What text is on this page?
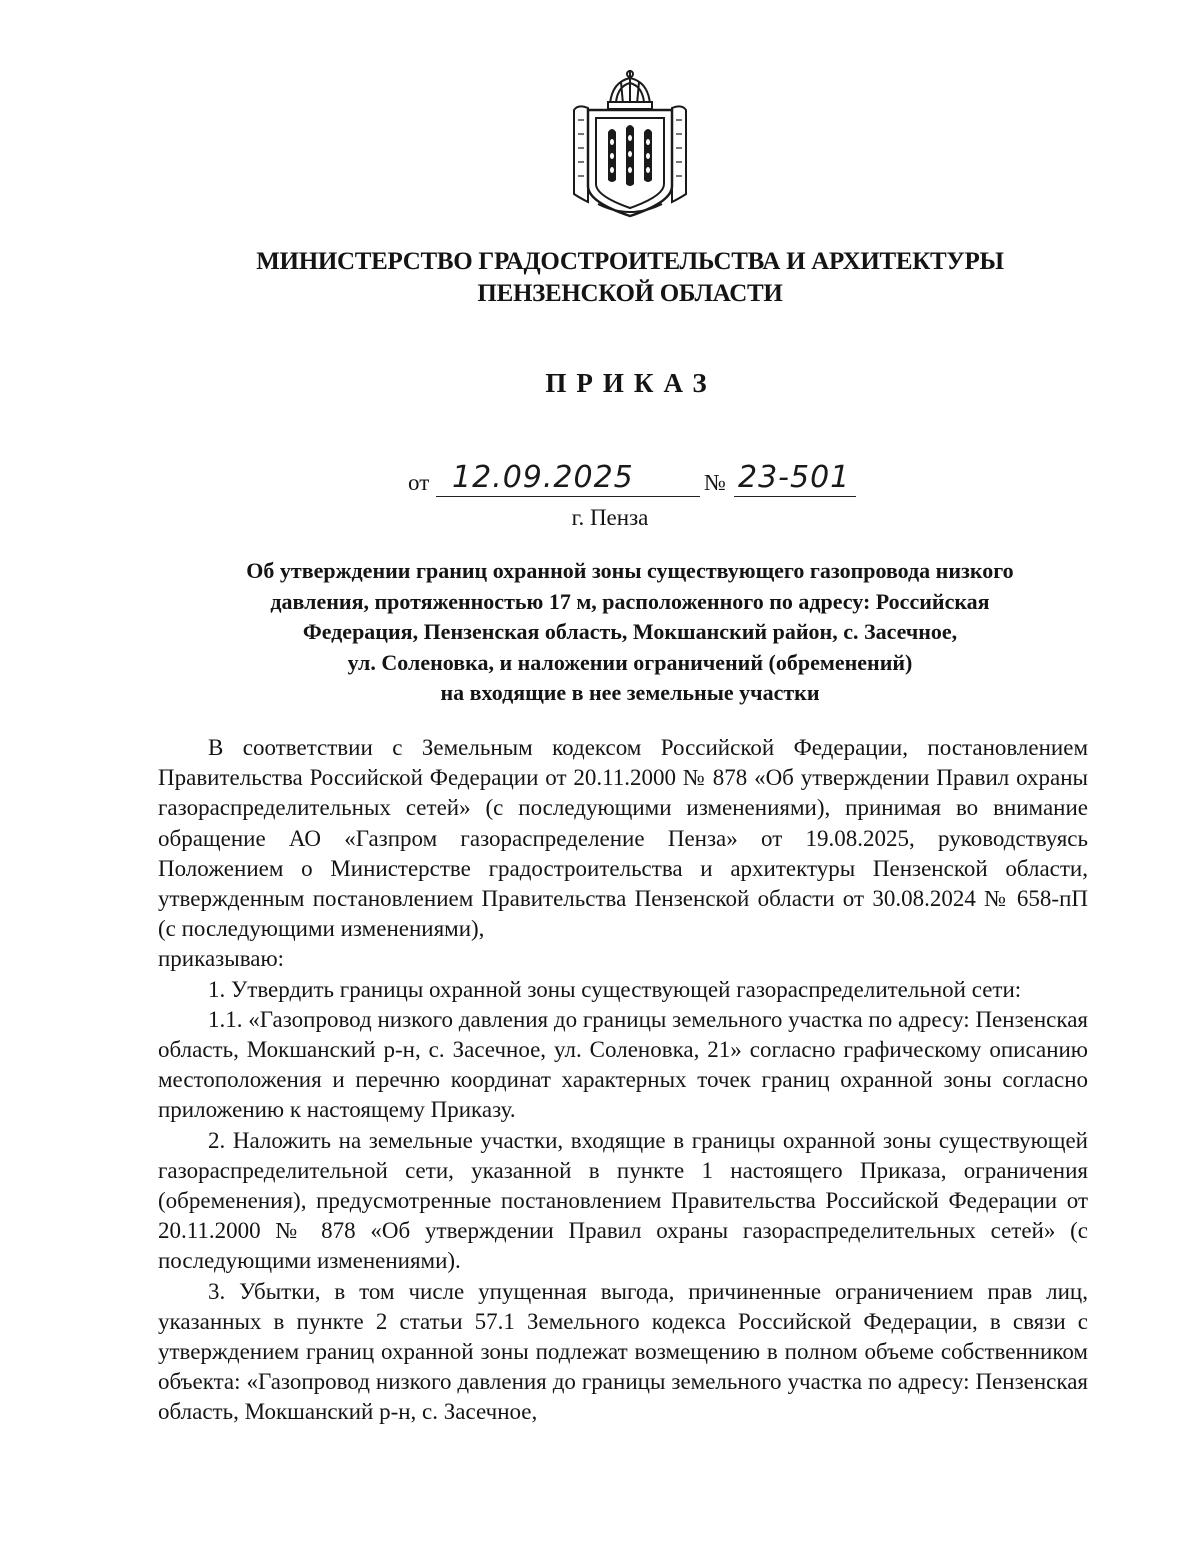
МИНИСТЕРСТВО ГРАДОСТРОИТЕЛЬСТВА И АРХИТЕКТУРЫ
ПЕНЗЕНСКОЙ ОБЛАСТИ
ПРИКАЗ
от 12.09.2025	№ 23-501
г. Пенза
Об утверждении границ охранной зоны существующего газопровода низкого
давления, протяженностью 17 м, расположенного по адресу: Российская
Федерация, Пензенская область, Мокшанский район, с. Засечное,
ул. Соленовка, и наложении ограничений (обременений)
на входящие в нее земельные участки

В соответствии с Земельным кодексом Российской Федерации, постановлением Правительства Российской Федерации от 20.11.2000 № 878 «Об утверждении Правил охраны газораспределительных сетей» (с последующими изменениями), принимая во внимание обращение АО «Газпром газораспределение Пенза» от 19.08.2025, руководствуясь Положением о Министерстве градостроительства и архитектуры Пензенской области, утвержденным постановлением Правительства Пензенской области от 30.08.2024 № 658-пП (с последующими изменениями),

приказываю:

1. Утвердить границы охранной зоны существующей газораспределительной сети:

1.1. «Газопровод низкого давления до границы земельного участка по адресу: Пензенская область, Мокшанский р-н, с. Засечное, ул. Соленовка, 21» согласно графическому описанию местоположения и перечню координат характерных точек границ охранной зоны согласно приложению к настоящему Приказу.

2. Наложить на земельные участки, входящие в границы охранной зоны существующей газораспределительной сети, указанной в пункте 1 настоящего Приказа, ограничения (обременения), предусмотренные постановлением Правительства Российской Федерации от 20.11.2000 № 878 «Об утверждении Правил охраны газораспределительных сетей» (с последующими изменениями).

3. Убытки, в том числе упущенная выгода, причиненные ограничением прав лиц, указанных в пункте 2 статьи 57.1 Земельного кодекса Российской Федерации, в связи с утверждением границ охранной зоны подлежат возмещению в полном объеме собственником объекта: «Газопровод низкого давления до границы земельного участка по адресу: Пензенская область, Мокшанский р-н, с. Засечное,
